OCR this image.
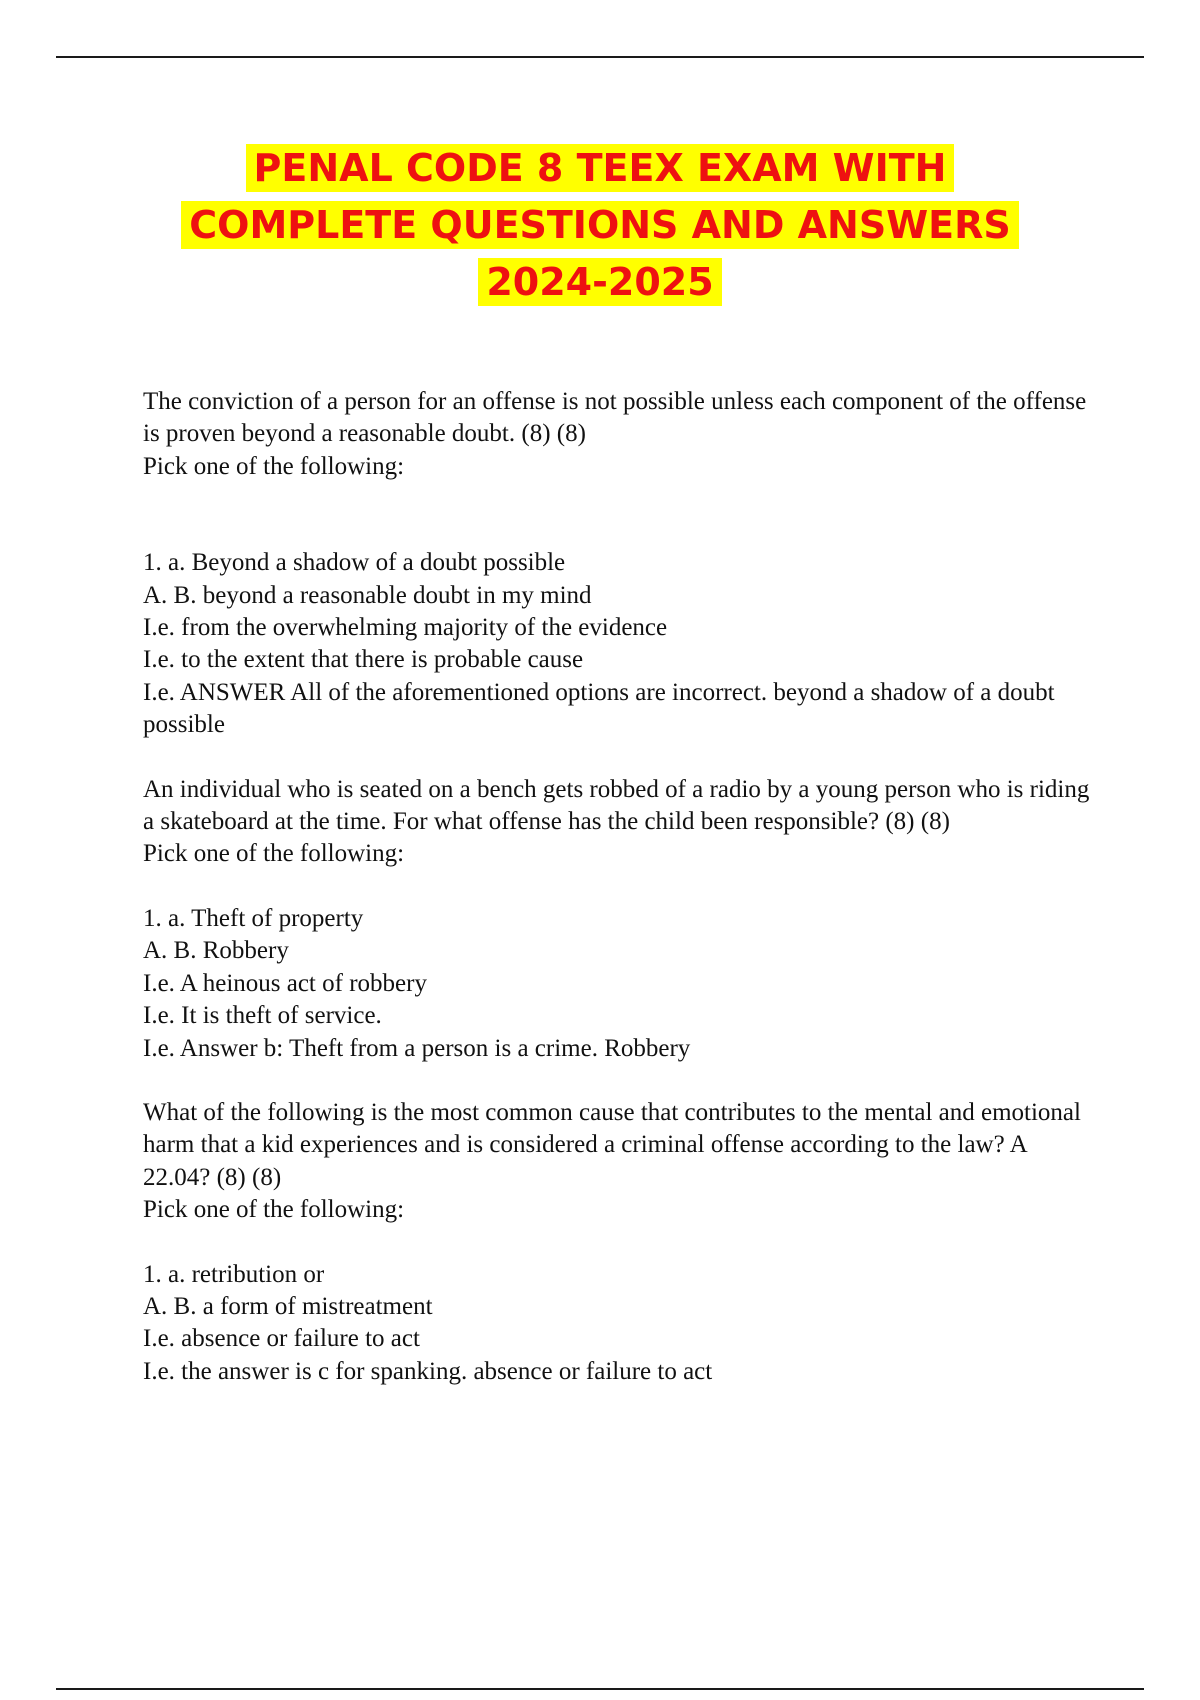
PENAL CODE 8 TEEX EXAM WITH
COMPLETE QUESTIONS AND ANSWERS
2024-2025
The conviction of a person for an offense is not possible unless each component of the offense is proven beyond a reasonable doubt. (8) (8)
Pick one of the following:
1. a. Beyond a shadow of a doubt possible
A. B. beyond a reasonable doubt in my mind
I.e. from the overwhelming majority of the evidence
I.e. to the extent that there is probable cause
I.e. ANSWER All of the aforementioned options are incorrect. beyond a shadow of a doubt possible
An individual who is seated on a bench gets robbed of a radio by a young person who is riding a skateboard at the time. For what offense has the child been responsible? (8) (8)
Pick one of the following:
1. a. Theft of property
A. B. Robbery
I.e. A heinous act of robbery
I.e. It is theft of service.
I.e. Answer b: Theft from a person is a crime. Robbery
What of the following is the most common cause that contributes to the mental and emotional harm that a kid experiences and is considered a criminal offense according to the law? A 22.04? (8) (8)
Pick one of the following:
1. a. retribution or
A. B. a form of mistreatment
I.e. absence or failure to act
I.e. the answer is c for spanking. absence or failure to act
